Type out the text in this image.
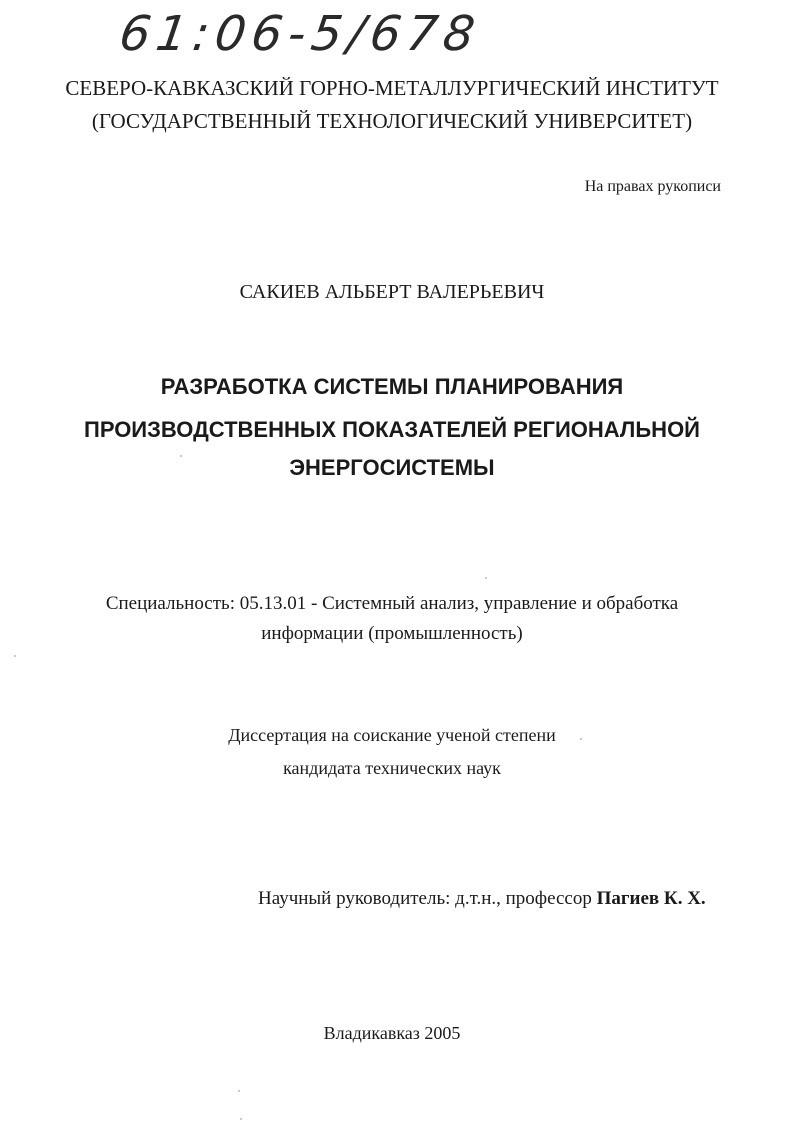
61:06-5/678
СЕВЕРО-КАВКАЗСКИЙ ГОРНО-МЕТАЛЛУРГИЧЕСКИЙ ИНСТИТУТ
(ГОСУДАРСТВЕННЫЙ ТЕХНОЛОГИЧЕСКИЙ УНИВЕРСИТЕТ)
На правах рукописи
САКИЕВ АЛЬБЕРТ ВАЛЕРЬЕВИЧ
РАЗРАБОТКА СИСТЕМЫ ПЛАНИРОВАНИЯ
ПРОИЗВОДСТВЕННЫХ ПОКАЗАТЕЛЕЙ РЕГИОНАЛЬНОЙ
ЭНЕРГОСИСТЕМЫ
Специальность: 05.13.01 - Системный анализ, управление и обработка
информации (промышленность)
Диссертация на соискание ученой степени
кандидата технических наук
Научный руководитель: д.т.н., профессор Пагиев К. Х.
Владикавказ 2005
